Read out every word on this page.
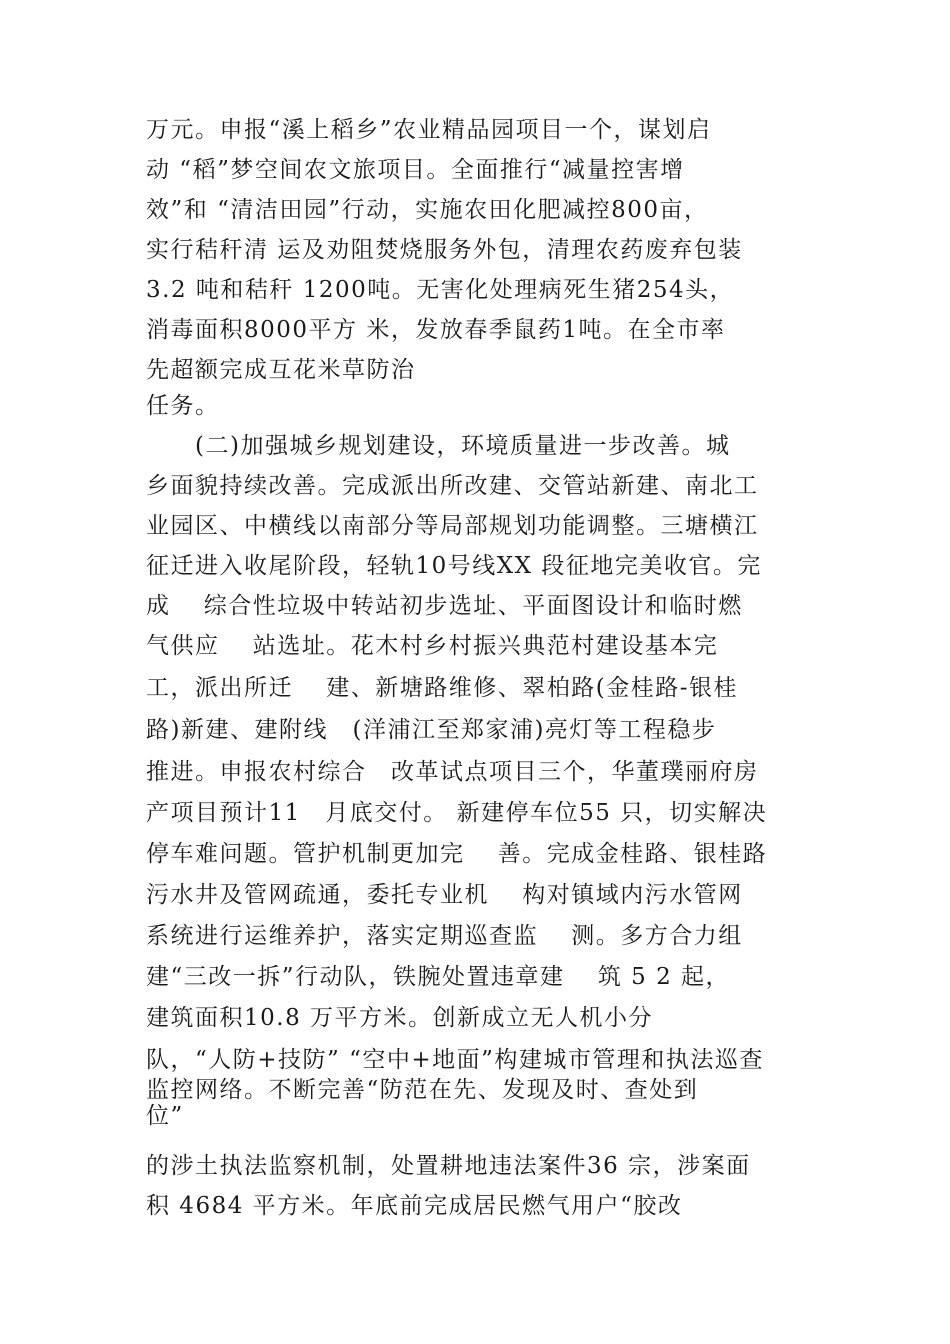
万元。申报“溪上稻乡”农业精品园项目一个，谋划启
动 “稻”梦空间农文旅项目。全面推行“减量控害增
效”和 “清洁田园”行动，实施农田化肥减控800亩，
实行秸秆清 运及劝阻焚烧服务外包，清理农药废弃包装
3.2 吨和秸秆 1200吨。无害化处理病死生猪254头，
消毒面积8000平方 米，发放春季鼠药1吨。在全市率
先超额完成互花米草防治
任务。
　　(二)加强城乡规划建设，环境质量进一步改善。城
乡面貌持续改善。完成派出所改建、交管站新建、南北工
业园区、中横线以南部分等局部规划功能调整。三塘横江
征迁进入收尾阶段，轻轨10号线XX 段征地完美收官。完
成　 综合性垃圾中转站初步选址、平面图设计和临时燃
气供应　 站选址。花木村乡村振兴典范村建设基本完
工，派出所迁　 建、新塘路维修、翠柏路(金桂路-银桂
路)新建、建附线　(洋浦江至郑家浦)亮灯等工程稳步
推进。申报农村综合　改革试点项目三个，华董璞丽府房
产项目预计11　月底交付。 新建停车位55 只，切实解决
停车难问题。管护机制更加完　 善。完成金桂路、银桂路
污水井及管网疏通，委托专业机　 构对镇域内污水管网
系统进行运维养护，落实定期巡查监　 测。多方合力组
建“三改一拆”行动队，铁腕处置违章建　 筑 5 2 起，
建筑面积10.8 万平方米。创新成立无人机小分
队，“人防+技防” “空中+地面”构建城市管理和执法巡查
监控网络。不断完善“防范在先、发现及时、查处到
位”
的涉土执法监察机制，处置耕地违法案件36 宗，涉案面
积 4684 平方米。年底前完成居民燃气用户“胶改
